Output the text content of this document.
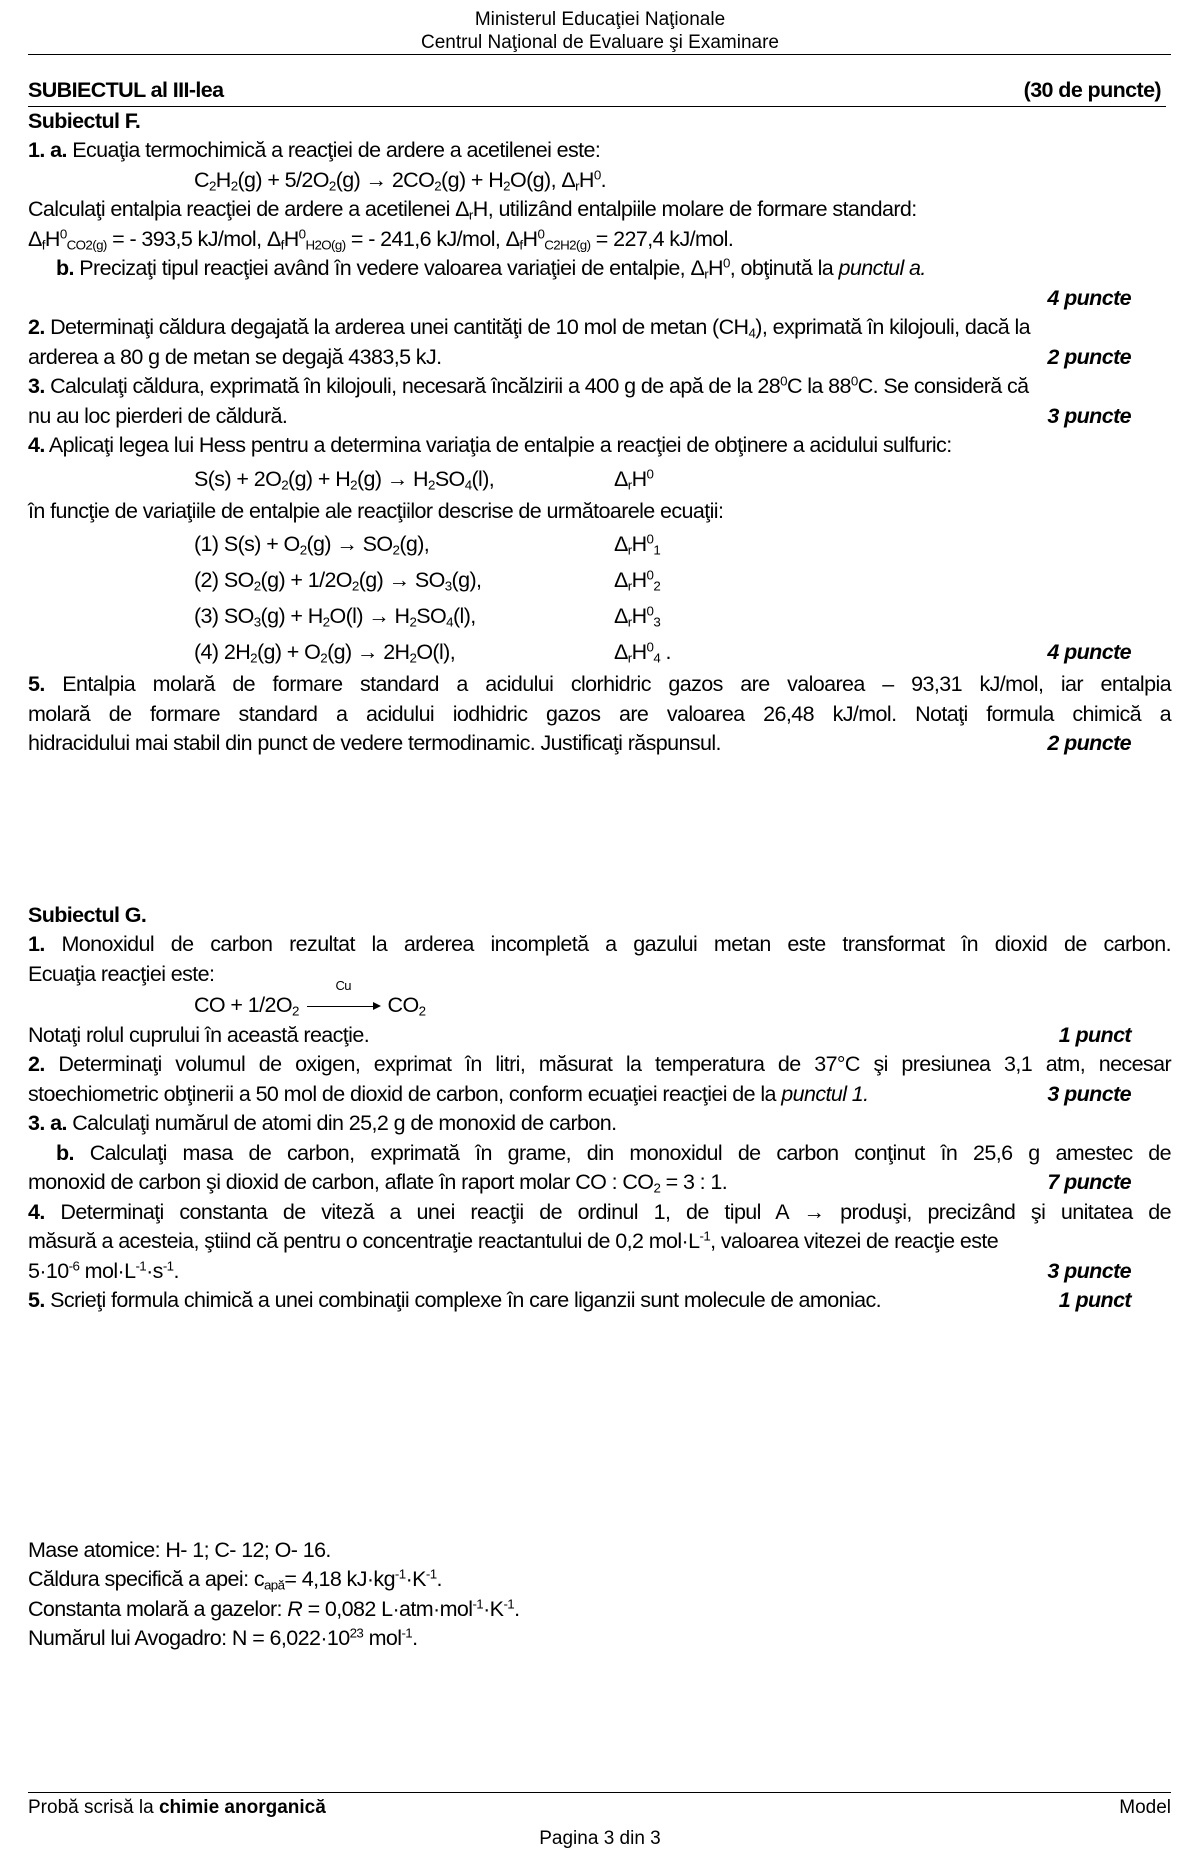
Ministerul Educaţiei Naţionale
Centrul Naţional de Evaluare şi Examinare
SUBIECTUL al III-lea	(30 de puncte)
Subiectul F.
1. a. Ecuaţia termochimică a reacţiei de ardere a acetilenei este:
$C_2H_2(g) + 5/2O_2(g) \to 2CO_2(g) + H_2O(g)$, $\Delta_rH^0$.
Calculaţi entalpia reacţiei de ardere a acetilenei $\Delta_rH$, utilizând entalpiile molare de formare standard:
$\Delta_fH^0_{CO2(g)}$ = - 393,5 kJ/mol, $\Delta_fH^0_{H2O(g)}$ = - 241,6 kJ/mol, $\Delta_fH^0_{C2H2(g)} = 227,4$ kJ/mol.
b. Precizaţi tipul reacţiei având în vedere valoarea variaţiei de entalpie, $\Delta_rH^0$, obţinută la punctul a.
4 puncte
2. Determinaţi căldura degajată la arderea unei cantităţi de 10 mol de metan $(CH_4)$, exprimată în kilojouli, dacă la
arderea a 80 g de metan se degajă 4383,5 kJ.	2 puncte
3. Calculaţi căldura, exprimată în kilojouli, necesară încălzirii a 400 g de apă de la $28^0C$ la $88^0C$. Se consideră că
nu au loc pierderi de căldură.	3 puncte
4. Aplicaţi legea lui Hess pentru a determina variaţia de entalpie a reacţiei de obţinere a acidului sulfuric:
$S(s) + 2O_2(g) + H_2(g) \to H_2SO_4(l)$,	$\Delta_rH^0$
în funcţie de variaţiile de entalpie ale reacţiilor descrise de următoarele ecuaţii:
(1) $S(s) + O_2(g) \to SO_2(g)$,	$\Delta_rH^0_1$
(2) $SO_2(g) + 1/2O_2(g) \to SO_3(g)$,	$\Delta_rH^0_2$
(3) $SO_3(g) + H_2O(l) \to H_2SO_4(l)$,	$\Delta_rH^0_3$
(4) $2H_2(g) + O_2(g) \to 2H_2O(l)$,	$\Delta_rH^0_4$ .	4 puncte
5. Entalpia molară de formare standard a acidului clorhidric gazos are valoarea – 93,31 kJ/mol, iar entalpia
molară de formare standard a acidului iodhidric gazos are valoarea 26,48 kJ/mol. Notaţi formula chimică a
hidracidului mai stabil din punct de vedere termodinamic. Justificaţi răspunsul.	2 puncte
Subiectul G.
1. Monoxidul de carbon rezultat la arderea incompletă a gazului metan este transformat în dioxid de carbon.
Ecuaţia reacţiei este:
CO + $1/2O_2$
Cu
$CO_2$
Notaţi rolul cuprului în această reacţie.	1 punct
2. Determinaţi volumul de oxigen, exprimat în litri, măsurat la temperatura de 37°C şi presiunea 3,1 atm, necesar
stoechiometric obţinerii a 50 mol de dioxid de carbon, conform ecuaţiei reacţiei de la punctul 1.	3 puncte
3. a. Calculaţi numărul de atomi din 25,2 g de monoxid de carbon.
b. Calculaţi masa de carbon, exprimată în grame, din monoxidul de carbon conţinut în 25,6 g amestec de
monoxid de carbon şi dioxid de carbon, aflate în raport molar CO : $CO_2 = 3$ : 1.	7 puncte
4. Determinaţi constanta de viteză a unei reacţii de ordinul 1, de tipul A → produşi, precizând şi unitatea de
măsură a acesteia, ştiind că pentru o concentraţie reactantului de 0,2 $mol\cdot L^{-1}$, valoarea vitezei de reacţie este
$5\cdot 10^{-6}$ $mol\cdot L^{-1}\cdot s^{-1}$.	3 puncte
5. Scrieţi formula chimică a unei combinaţii complexe în care liganzii sunt molecule de amoniac.	1 punct
Mase atomice: H- 1; C- 12; O- 16.
Căldura specifică a apei: $c_{apă}= 4,18$ $kJ\cdot kg^{-1}\cdot K^{-1}$.
Constanta molară a gazelor: R = 0,082 $L\cdot atm\cdot mol^{-1}\cdot K^{-1}$.
Numărul lui Avogadro: $N = 6,022\cdot 10^{23}$ mol$^{-1}$.
Probă scrisă la chimie anorganică	Model
Pagina 3 din 3
